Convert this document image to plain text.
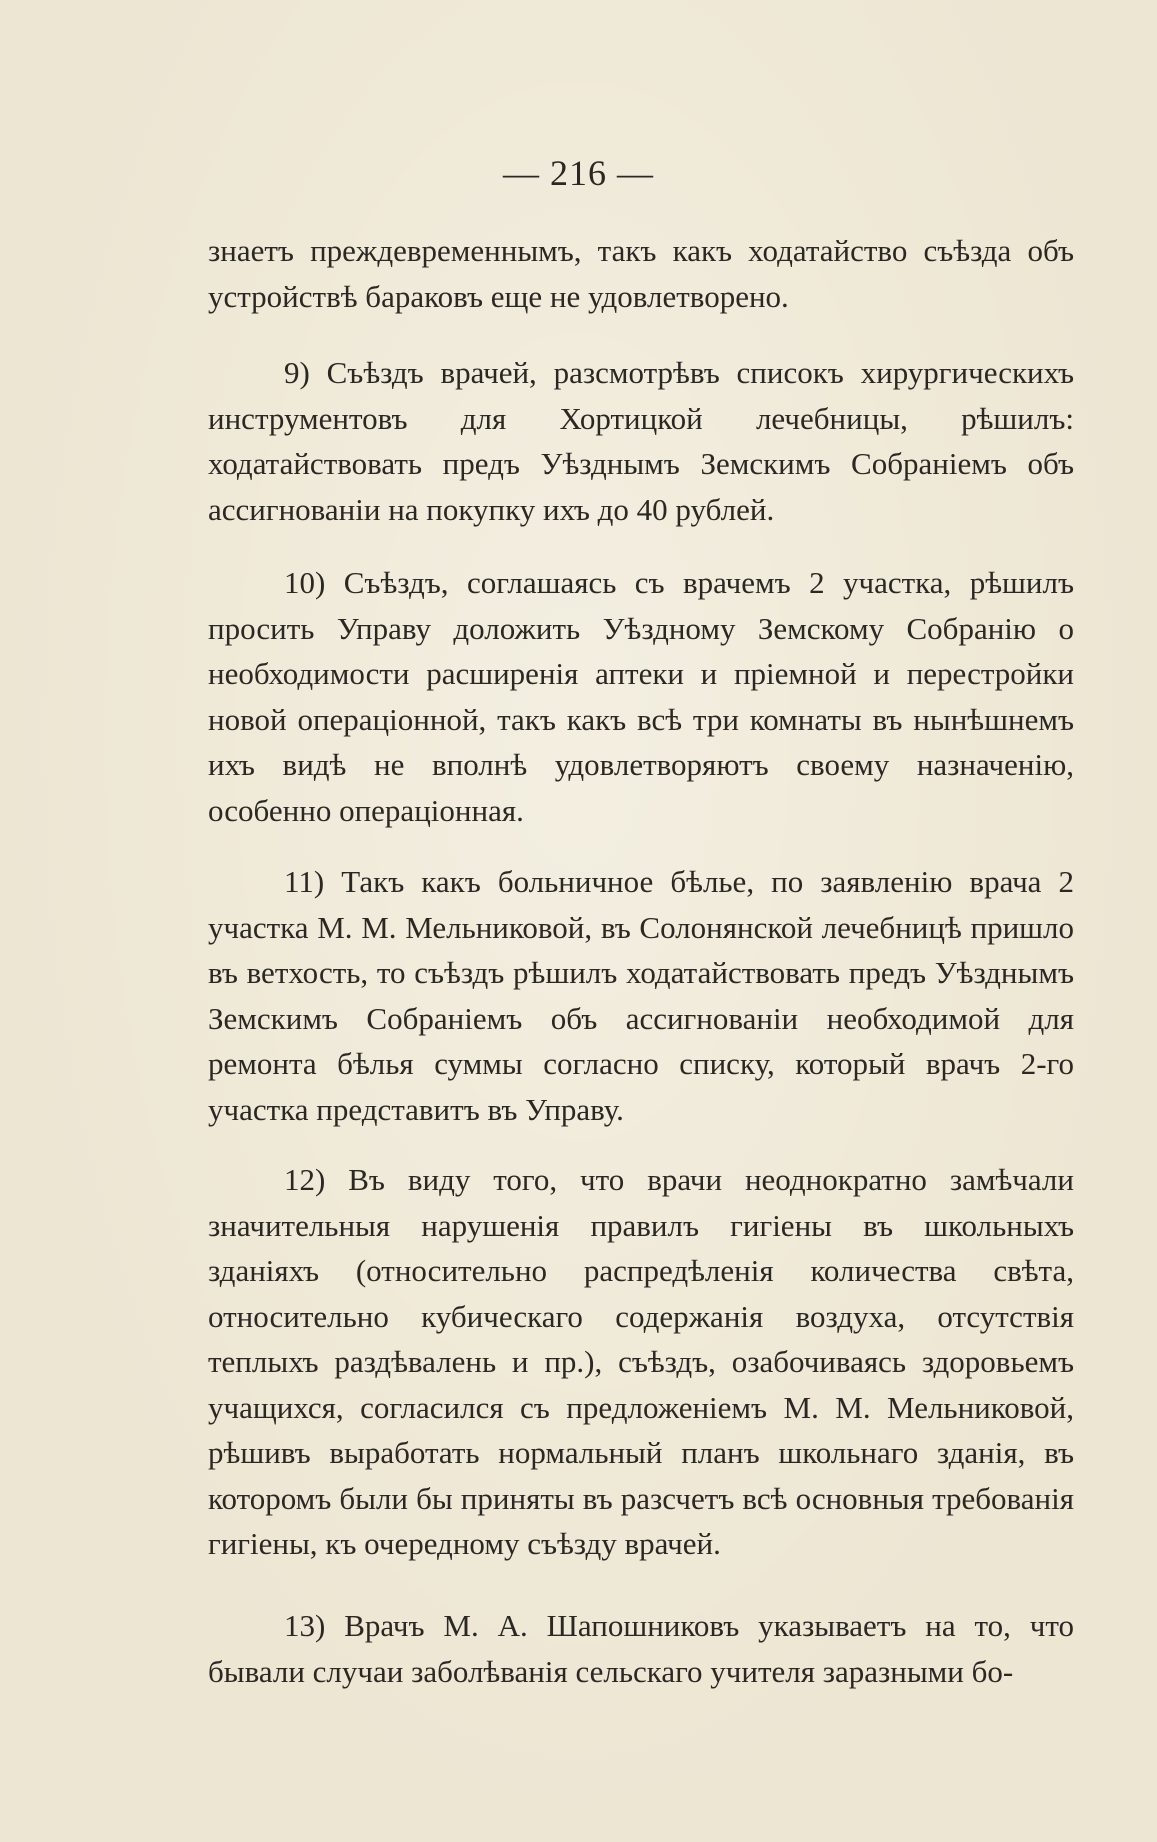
— 216 —

знаетъ преждевременнымъ, такъ какъ ходатайство съѣзда объ устройствѣ бараковъ еще не удовлетворено.

9) Съѣздъ врачей, разсмотрѣвъ списокъ хирургическихъ инструментовъ для Хортицкой лечебницы, рѣшилъ: ходатайствовать предъ Уѣзднымъ Земскимъ Собраніемъ объ ассигнованіи на покупку ихъ до 40 рублей.

10) Съѣздъ, соглашаясь съ врачемъ 2 участка, рѣшилъ просить Управу доложить Уѣздному Земскому Собранію о необходимости расширенія аптеки и пріемной и перестройки новой операціонной, такъ какъ всѣ три комнаты въ нынѣшнемъ ихъ видѣ не вполнѣ удовлетворяютъ своему назначенію, особенно операціонная.

11) Такъ какъ больничное бѣлье, по заявленію врача 2 участка М. М. Мельниковой, въ Солонянской лечебницѣ пришло въ ветхость, то съѣздъ рѣшилъ ходатайствовать предъ Уѣзднымъ Земскимъ Собраніемъ объ ассигнованіи необходимой для ремонта бѣлья суммы согласно списку, который врачъ 2-го участка представитъ въ Управу.

12) Въ виду того, что врачи неоднократно замѣчали значительныя нарушенія правилъ гигіены въ школьныхъ зданіяхъ (относительно распредѣленія количества свѣта, относительно кубическаго содержанія воздуха, отсутствія теплыхъ раздѣвалень и пр.), съѣздъ, озабочиваясь здоровьемъ учащихся, согласился съ предложеніемъ М. М. Мельниковой, рѣшивъ выработать нормальный планъ школьнаго зданія, въ которомъ были бы приняты въ разсчетъ всѣ основныя требованія гигіены, къ очередному съѣзду врачей.

13) Врачъ М. А. Шапошниковъ указываетъ на то, что бывали случаи заболѣванія сельскаго учителя заразными бо-
